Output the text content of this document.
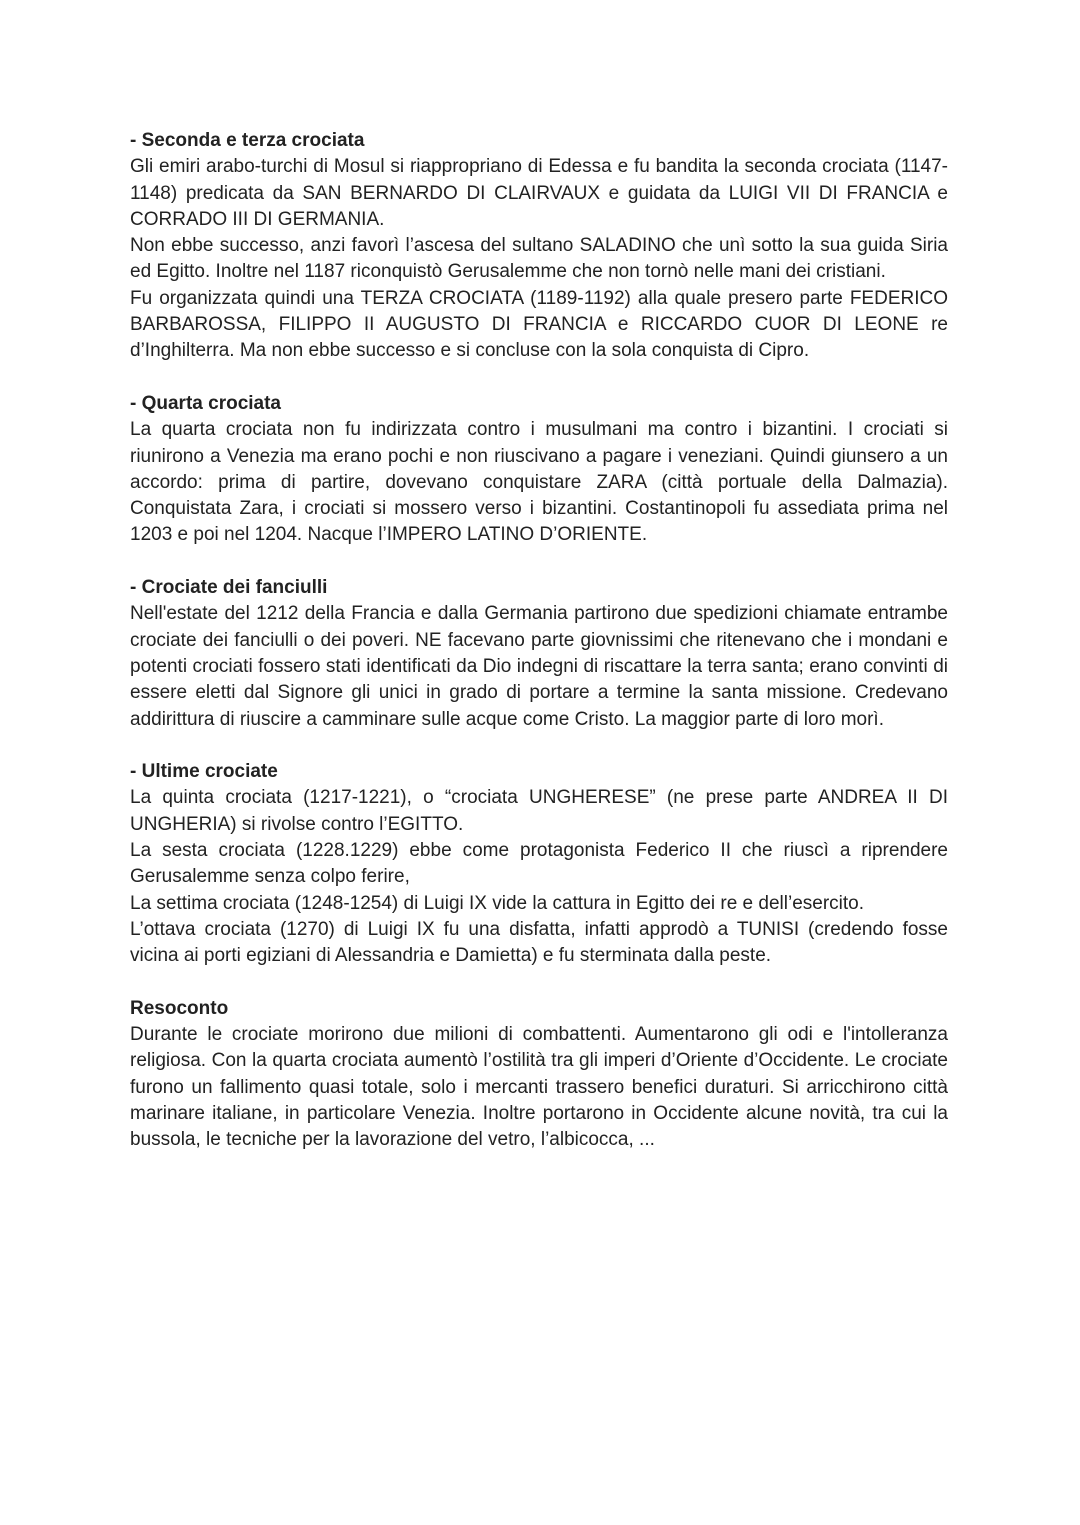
- Seconda e terza crociata

Gli emiri arabo-turchi di Mosul si riappropriano di Edessa e fu bandita la seconda crociata (1147-1148) predicata da SAN BERNARDO DI CLAIRVAUX e guidata da LUIGI VII DI FRANCIA e CORRADO III DI GERMANIA.

Non ebbe successo, anzi favorì l’ascesa del sultano SALADINO che unì sotto la sua guida Siria ed Egitto. Inoltre nel 1187 riconquistò Gerusalemme che non tornò nelle mani dei cristiani.

Fu organizzata quindi una TERZA CROCIATA (1189-1192) alla quale presero parte FEDERICO BARBAROSSA, FILIPPO II AUGUSTO DI FRANCIA e RICCARDO CUOR DI LEONE re d’Inghilterra. Ma non ebbe successo e si concluse con la sola conquista di Cipro.

- Quarta crociata

La quarta crociata non fu indirizzata contro i musulmani ma contro i bizantini. I crociati si riunirono a Venezia ma erano pochi e non riuscivano a pagare i veneziani. Quindi giunsero a un accordo: prima di partire, dovevano conquistare ZARA (città portuale della Dalmazia). Conquistata Zara, i crociati si mossero verso i bizantini. Costantinopoli fu assediata prima nel 1203 e poi nel 1204. Nacque l’IMPERO LATINO D’ORIENTE.

- Crociate dei fanciulli

Nell'estate del 1212 della Francia e dalla Germania partirono due spedizioni chiamate entrambe crociate dei fanciulli o dei poveri. NE facevano parte giovnissimi che ritenevano che i mondani e potenti crociati fossero stati identificati da Dio indegni di riscattare la terra santa; erano convinti di essere eletti dal Signore gli unici in grado di portare a termine la santa missione. Credevano addirittura di riuscire a camminare sulle acque come Cristo. La maggior parte di loro morì.

- Ultime crociate

La quinta crociata (1217-1221), o “crociata UNGHERESE” (ne prese parte ANDREA II DI UNGHERIA) si rivolse contro l’EGITTO.

La sesta crociata (1228.1229) ebbe come protagonista Federico II che riuscì a riprendere Gerusalemme senza colpo ferire,

La settima crociata (1248-1254) di Luigi IX vide la cattura in Egitto dei re e dell’esercito.

L’ottava crociata (1270) di Luigi IX fu una disfatta, infatti approdò a TUNISI (credendo fosse vicina ai porti egiziani di Alessandria e Damietta) e fu sterminata dalla peste.

Resoconto

Durante le crociate morirono due milioni di combattenti. Aumentarono gli odi e l'intolleranza religiosa. Con la quarta crociata aumentò l’ostilità tra gli imperi d’Oriente d’Occidente. Le crociate furono un fallimento quasi totale, solo i mercanti trassero benefici duraturi. Si arricchirono città marinare italiane, in particolare Venezia. Inoltre portarono in Occidente alcune novità, tra cui la bussola, le tecniche per la lavorazione del vetro, l’albicocca, ...
